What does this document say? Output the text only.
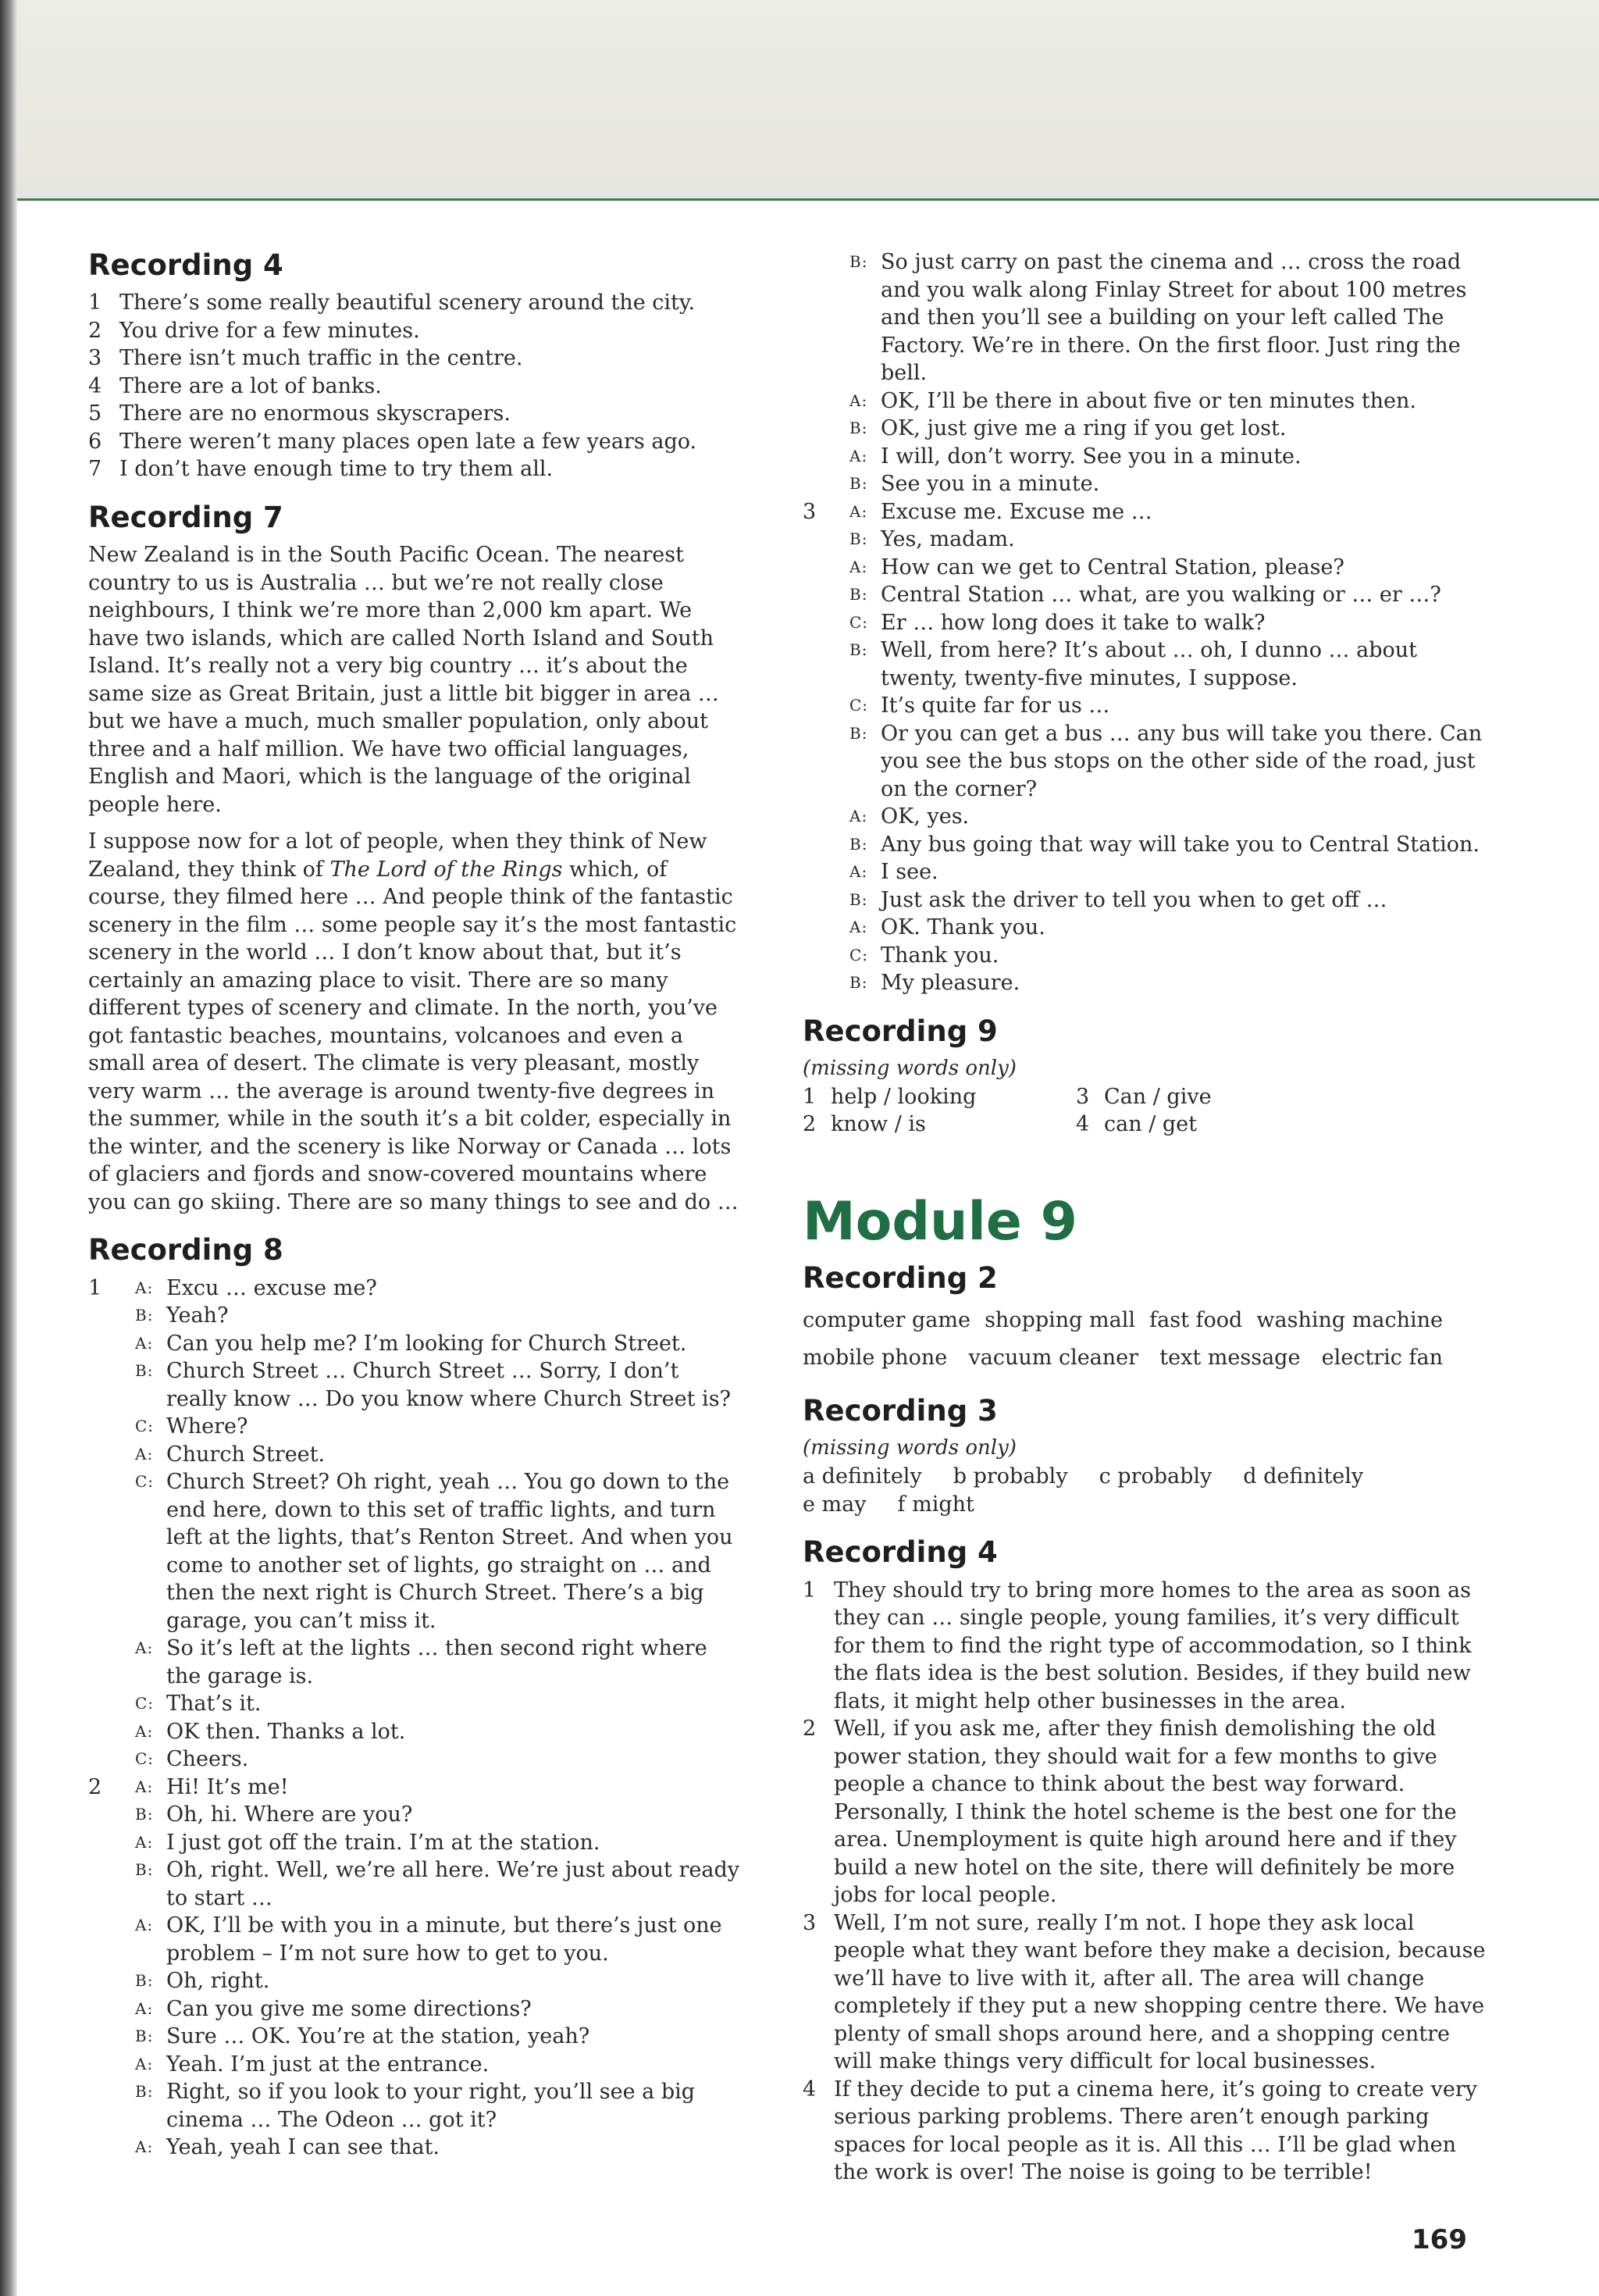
Recording 4
1 There’s some really beautiful scenery around the city.
2 You drive for a few minutes.
3 There isn’t much traffic in the centre.
4 There are a lot of banks.
5 There are no enormous skyscrapers.
6 There weren’t many places open late a few years ago.
7 I don’t have enough time to try them all.
Recording 7

New Zealand is in the South Pacific Ocean. The nearest country to us is Australia … but we’re not really close neighbours, I think we’re more than 2,000 km apart. We have two islands, which are called North Island and South Island. It’s really not a very big country … it’s about the same size as Great Britain, just a little bit bigger in area … but we have a much, much smaller population, only about three and a half million. We have two official languages, English and Maori, which is the language of the original people here.

I suppose now for a lot of people, when they think of New Zealand, they think of The Lord of the Rings which, of course, they filmed here … And people think of the fantastic scenery in the film … some people say it’s the most fantastic scenery in the world … I don’t know about that, but it’s certainly an amazing place to visit. There are so many different types of scenery and climate. In the north, you’ve got fantastic beaches, mountains, volcanoes and even a small area of desert. The climate is very pleasant, mostly very warm … the average is around twenty-five degrees in the summer, while in the south it’s a bit colder, especially in the winter, and the scenery is like Norway or Canada … lots of glaciers and fjords and snow-covered mountains where you can go skiing. There are so many things to see and do …

Recording 8
1	A: Excu … excuse me?
B: Yeah?
A: Can you help me? I’m looking for Church Street.
B: Church Street … Church Street … Sorry, I don’t really know … Do you know where Church Street is?
C: Where?
A: Church Street.
C: Church Street? Oh right, yeah … You go down to the end here, down to this set of traffic lights, and turn left at the lights, that’s Renton Street. And when you come to another set of lights, go straight on … and then the next right is Church Street. There’s a big garage, you can’t miss it.
A: So it’s left at the lights … then second right where the garage is.
C: That’s it.
A: OK then. Thanks a lot.
C: Cheers.
2	A: Hi! It’s me!
B: Oh, hi. Where are you?
A: I just got off the train. I’m at the station.
B: Oh, right. Well, we’re all here. We’re just about ready to start …
A: OK, I’ll be with you in a minute, but there’s just one problem – I’m not sure how to get to you.
B: Oh, right.
A: Can you give me some directions?
B: Sure … OK. You’re at the station, yeah?
A: Yeah. I’m just at the entrance.
B: Right, so if you look to your right, you’ll see a big cinema … The Odeon … got it?
A: Yeah, yeah I can see that.
B: So just carry on past the cinema and … cross the road and you walk along Finlay Street for about 100 metres and then you’ll see a building on your left called The Factory. We’re in there. On the first floor. Just ring the bell.
A: OK, I’ll be there in about five or ten minutes then.
B: OK, just give me a ring if you get lost.
A: I will, don’t worry. See you in a minute.
B: See you in a minute.
3	A: Excuse me. Excuse me …
B: Yes, madam.
A: How can we get to Central Station, please?
B: Central Station … what, are you walking or … er …?
C: Er … how long does it take to walk?
B: Well, from here? It’s about … oh, I dunno … about twenty, twenty-five minutes, I suppose.
C: It’s quite far for us …
B: Or you can get a bus … any bus will take you there. Can you see the bus stops on the other side of the road, just on the corner?
A: OK, yes.
B: Any bus going that way will take you to Central Station.
A: I see.
B: Just ask the driver to tell you when to get off …
A: OK. Thank you.
C: Thank you.
B: My pleasure.
Recording 9
(missing words only)
1 help / looking	3 Can / give
2 know / is	4 can / get
Module 9
Recording 2
computer game shopping mall fast food washing machine
mobile phone vacuum cleaner text message electric fan
Recording 3
(missing words only)
a definitely b probably c probably d definitely
e may f might
Recording 4
1 They should try to bring more homes to the area as soon as they can … single people, young families, it’s very difficult for them to find the right type of accommodation, so I think the flats idea is the best solution. Besides, if they build new flats, it might help other businesses in the area.
2 Well, if you ask me, after they finish demolishing the old power station, they should wait for a few months to give people a chance to think about the best way forward. Personally, I think the hotel scheme is the best one for the area. Unemployment is quite high around here and if they build a new hotel on the site, there will definitely be more jobs for local people.
3 Well, I’m not sure, really I’m not. I hope they ask local people what they want before they make a decision, because we’ll have to live with it, after all. The area will change completely if they put a new shopping centre there. We have plenty of small shops around here, and a shopping centre will make things very difficult for local businesses.
4 If they decide to put a cinema here, it’s going to create very serious parking problems. There aren’t enough parking spaces for local people as it is. All this … I’ll be glad when the work is over! The noise is going to be terrible!
169
